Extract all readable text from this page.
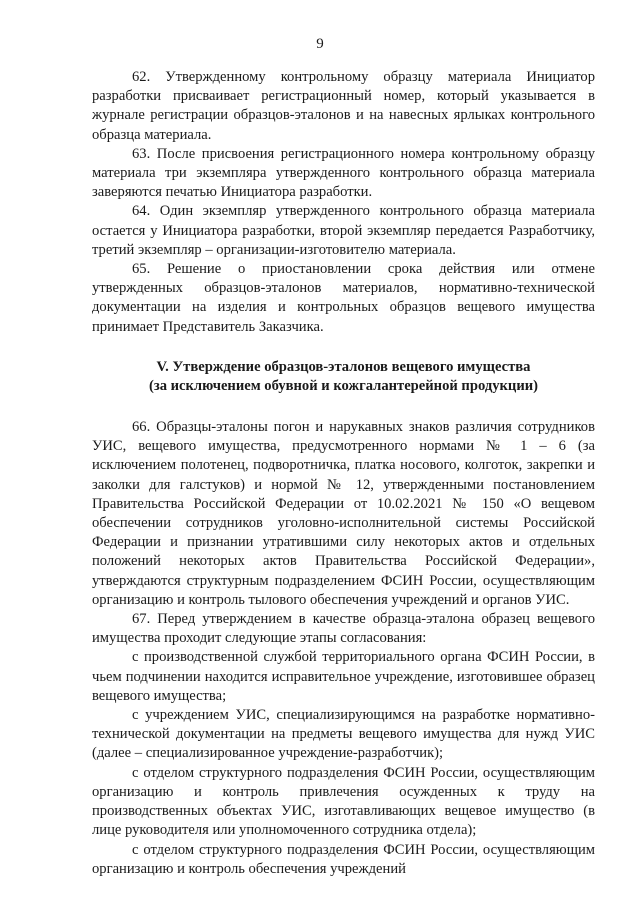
9

62. Утвержденному контрольному образцу материала Инициатор разработки присваивает регистрационный номер, который указывается в журнале регистрации образцов-эталонов и на навесных ярлыках контрольного образца материала.

63. После присвоения регистрационного номера контрольному образцу материала три экземпляра утвержденного контрольного образца материала заверяются печатью Инициатора разработки.

64. Один экземпляр утвержденного контрольного образца материала остается у Инициатора разработки, второй экземпляр передается Разработчику, третий экземпляр – организации-изготовителю материала.

65. Решение о приостановлении срока действия или отмене утвержденных образцов-эталонов материалов, нормативно-технической документации на изделия и контрольных образцов вещевого имущества принимает Представитель Заказчика.

V. Утверждение образцов-эталонов вещевого имущества
(за исключением обувной и кожгалантерейной продукции)

66. Образцы-эталоны погон и нарукавных знаков различия сотрудников УИС, вещевого имущества, предусмотренного нормами № 1 – 6 (за исключением полотенец, подворотничка, платка носового, колготок, закрепки и заколки для галстуков) и нормой № 12, утвержденными постановлением Правительства Российской Федерации от 10.02.2021 № 150 «О вещевом обеспечении сотрудников уголовно-исполнительной системы Российской Федерации и признании утратившими силу некоторых актов и отдельных положений некоторых актов Правительства Российской Федерации», утверждаются структурным подразделением ФСИН России, осуществляющим организацию и контроль тылового обеспечения учреждений и органов УИС.

67. Перед утверждением в качестве образца-эталона образец вещевого имущества проходит следующие этапы согласования:

с производственной службой территориального органа ФСИН России, в чьем подчинении находится исправительное учреждение, изготовившее образец вещевого имущества;

с учреждением УИС, специализирующимся на разработке нормативно-технической документации на предметы вещевого имущества для нужд УИС (далее – специализированное учреждение-разработчик);

с отделом структурного подразделения ФСИН России, осуществляющим организацию и контроль привлечения осужденных к труду на производственных объектах УИС, изготавливающих вещевое имущество (в лице руководителя или уполномоченного сотрудника отдела);

с отделом структурного подразделения ФСИН России, осуществляющим организацию и контроль обеспечения учреждений
